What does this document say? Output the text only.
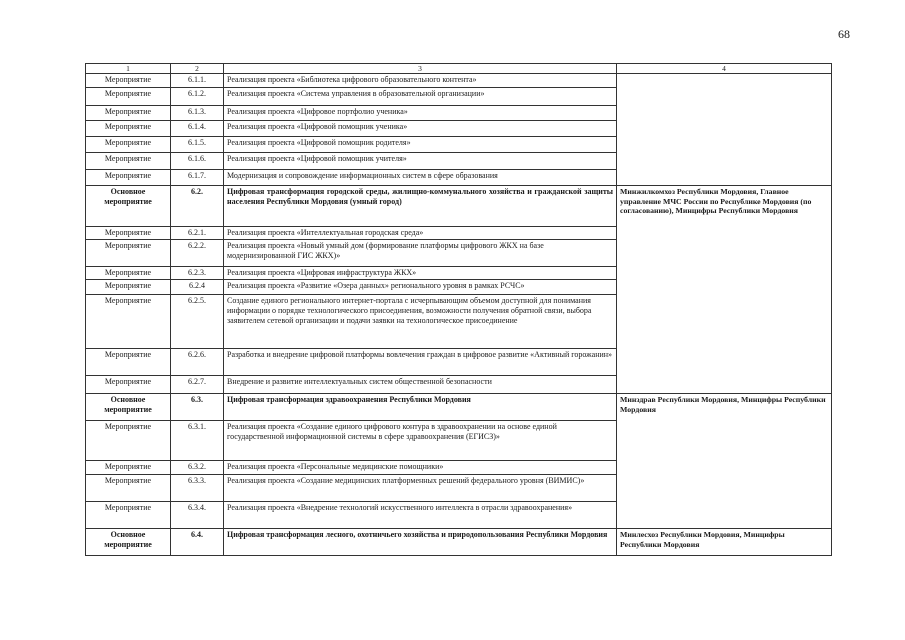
68
1	2	3	4
Мероприятие	6.1.1.	Реализация проекта «Библиотека цифрового образовательного контента»	
Мероприятие	6.1.2.	Реализация проекта «Система управления в образовательной организации»	
Мероприятие	6.1.3.	Реализация проекта «Цифровое портфолио ученика»	
Мероприятие	6.1.4.	Реализация проекта «Цифровой помощник ученика»	
Мероприятие	6.1.5.	Реализация проекта «Цифровой помощник родителя»	
Мероприятие	6.1.6.	Реализация проекта «Цифровой помощник учителя»	
Мероприятие	6.1.7.	Модернизация и сопровождение информационных систем в сфере образования	
Основное мероприятие	6.2.	Цифровая трансформация городской среды, жилищно-коммунального хозяйства и гражданской защиты населения Республики Мордовия (умный город)	Минжилкомхоз Республики Мордовия, Главное управление МЧС России по Республике Мордовия (по согласованию), Минцифры Республики Мордовия
Мероприятие	6.2.1.	Реализация проекта «Интеллектуальная городская среда»	
Мероприятие	6.2.2.	Реализация проекта «Новый умный дом (формирование платформы цифрового ЖКХ на базе модернизированной ГИС ЖКХ)»	
Мероприятие	6.2.3.	Реализация проекта «Цифровая инфраструктура ЖКХ»	
Мероприятие	6.2.4	Реализация проекта «Развитие «Озера данных» регионального уровня в рамках РСЧС»	
Мероприятие	6.2.5.	Создание единого регионального интернет-портала с исчерпывающим объемом доступной для понимания информации о порядке технологического присоединения, возможности получения обратной связи, выбора заявителем сетевой организации и подачи заявки на технологическое присоединение	
Мероприятие	6.2.6.	Разработка и внедрение цифровой платформы вовлечения граждан в цифровое развитие «Активный горожанин»	
Мероприятие	6.2.7.	Внедрение и развитие интеллектуальных систем общественной безопасности	
Основное мероприятие	6.3.	Цифровая трансформация здравоохранения Республики Мордовия	Минздрав Республики Мордовия, Минцифры Республики Мордовия
Мероприятие	6.3.1.	Реализация проекта «Создание единого цифрового контура в здравоохранении на основе единой государственной информационной системы в сфере здравоохранения (ЕГИСЗ)»	
Мероприятие	6.3.2.	Реализация проекта «Персональные медицинские помощники»	
Мероприятие	6.3.3.	Реализация проекта «Создание медицинских платформенных решений федерального уровня (ВИМИС)»	
Мероприятие	6.3.4.	Реализация проекта «Внедрение технологий искусственного интеллекта в отрасли здравоохранения»	
Основное мероприятие	6.4.	Цифровая трансформация лесного, охотничьего хозяйства и природопользования Республики Мордовия	Минлесхоз Республики Мордовия, Минцифры Республики Мордовия
